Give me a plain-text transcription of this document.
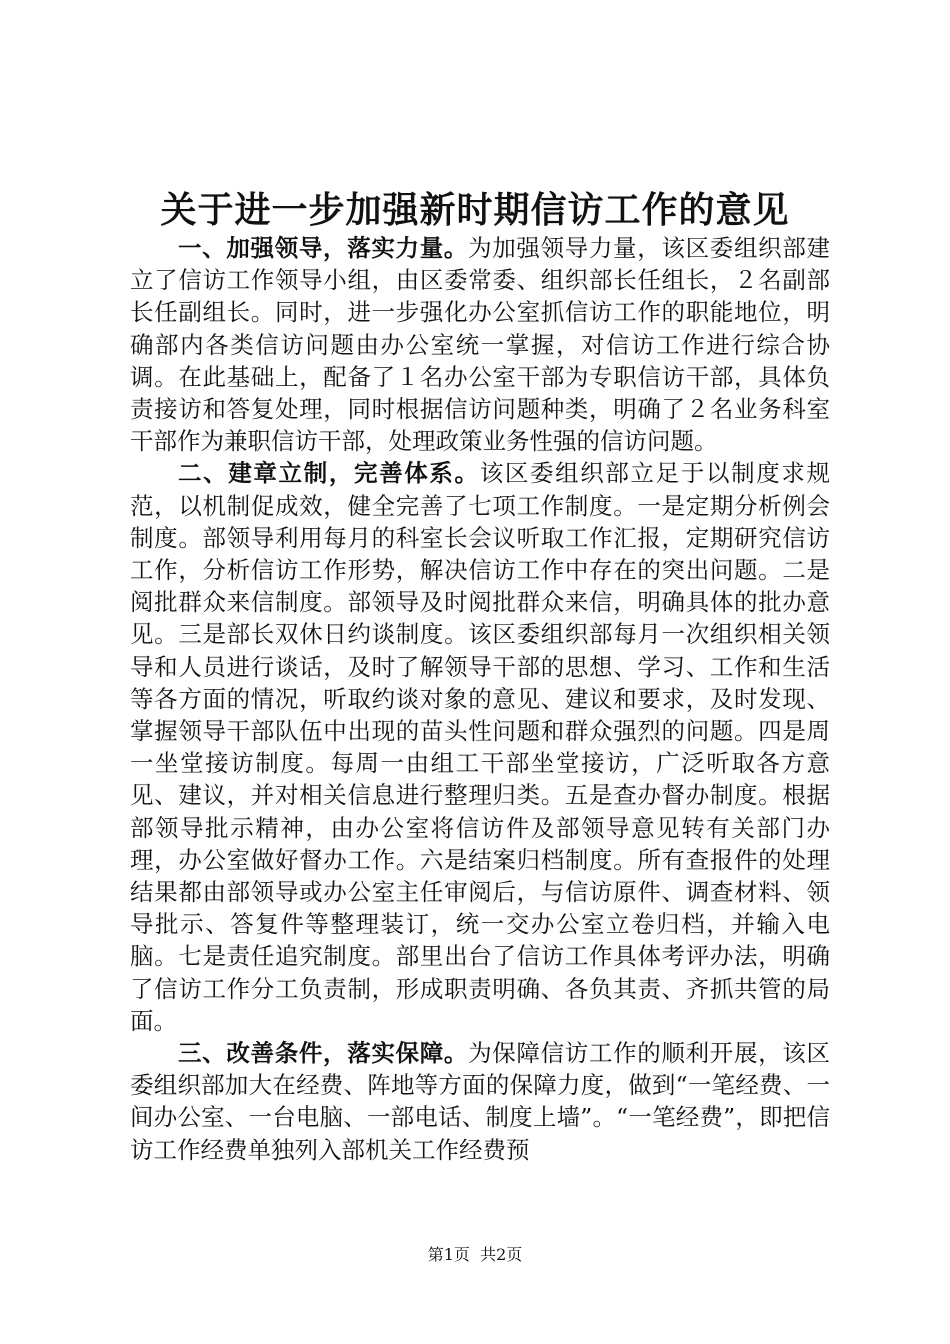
关于进一步加强新时期信访工作的意见

一、加强领导，落实力量。为加强领导力量，该区委组织部建立了信访工作领导小组，由区委常委、组织部长任组长，２名副部长任副组长。同时，进一步强化办公室抓信访工作的职能地位，明确部内各类信访问题由办公室统一掌握，对信访工作进行综合协调。在此基础上，配备了１名办公室干部为专职信访干部，具体负责接访和答复处理，同时根据信访问题种类，明确了２名业务科室干部作为兼职信访干部，处理政策业务性强的信访问题。

二、建章立制，完善体系。该区委组织部立足于以制度求规范，以机制促成效，健全完善了七项工作制度。一是定期分析例会制度。部领导利用每月的科室长会议听取工作汇报，定期研究信访工作，分析信访工作形势，解决信访工作中存在的突出问题。二是阅批群众来信制度。部领导及时阅批群众来信，明确具体的批办意见。三是部长双休日约谈制度。该区委组织部每月一次组织相关领导和人员进行谈话，及时了解领导干部的思想、学习、工作和生活等各方面的情况，听取约谈对象的意见、建议和要求，及时发现、掌握领导干部队伍中出现的苗头性问题和群众强烈的问题。四是周一坐堂接访制度。每周一由组工干部坐堂接访，广泛听取各方意见、建议，并对相关信息进行整理归类。五是查办督办制度。根据部领导批示精神，由办公室将信访件及部领导意见转有关部门办理，办公室做好督办工作。六是结案归档制度。所有查报件的处理结果都由部领导或办公室主任审阅后，与信访原件、调查材料、领导批示、答复件等整理装订，统一交办公室立卷归档，并输入电脑。七是责任追究制度。部里出台了信访工作具体考评办法，明确了信访工作分工负责制，形成职责明确、各负其责、齐抓共管的局面。

三、改善条件，落实保障。为保障信访工作的顺利开展，该区委组织部加大在经费、阵地等方面的保障力度，做到“一笔经费、一间办公室、一台电脑、一部电话、制度上墙”。“一笔经费”，即把信访工作经费单独列入部机关工作经费预

第1页 共2页
